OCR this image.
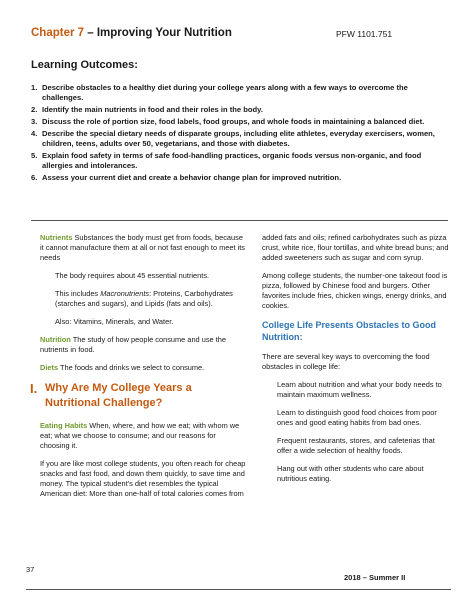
Chapter 7 – Improving Your Nutrition	PFW 1101.751
Learning Outcomes:
1. Describe obstacles to a healthy diet during your college years along with a few ways to overcome the challenges.
2. Identify the main nutrients in food and their roles in the body.
3. Discuss the role of portion size, food labels, food groups, and whole foods in maintaining a balanced diet.
4. Describe the special dietary needs of disparate groups, including elite athletes, everyday exercisers, women, children, teens, adults over 50, vegetarians, and those with diabetes.
5. Explain food safety in terms of safe food-handling practices, organic foods versus non-organic, and food allergies and intolerances.
6. Assess your current diet and create a behavior change plan for improved nutrition.

Nutrients Substances the body must get from foods, because it cannot manufacture them at all or not fast enough to meet its needs

The body requires about 45 essential nutrients.

This includes Macronutrients: Proteins, Carbohydrates (starches and sugars), and Lipids (fats and oils).

Also: Vitamins, Minerals, and Water.

Nutrition The study of how people consume and use the nutrients in food.

Diets The foods and drinks we select to consume.

I. Why Are My College Years a Nutritional Challenge?

Eating Habits When, where, and how we eat; with whom we eat; what we choose to consume; and our reasons for choosing it.

If you are like most college students, you often reach for cheap snacks and fast food, and down them quickly, to save time and money. The typical student’s diet resembles the typical American diet: More than one-half of total calories comes from

added fats and oils; refined carbohydrates such as pizza crust, white rice, flour tortillas, and white bread buns; and added sweeteners such as sugar and corn syrup.

Among college students, the number-one takeout food is pizza, followed by Chinese food and burgers. Other favorites include fries, chicken wings, energy drinks, and cookies.

College Life Presents Obstacles to Good Nutrition:

There are several key ways to overcoming the food obstacles in college life:

Learn about nutrition and what your body needs to maintain maximum wellness.

Learn to distinguish good food choices from poor ones and good eating habits from bad ones.

Frequent restaurants, stores, and cafeterias that offer a wide selection of healthy foods.

Hang out with other students who care about nutritious eating.

37
2018 – Summer II
